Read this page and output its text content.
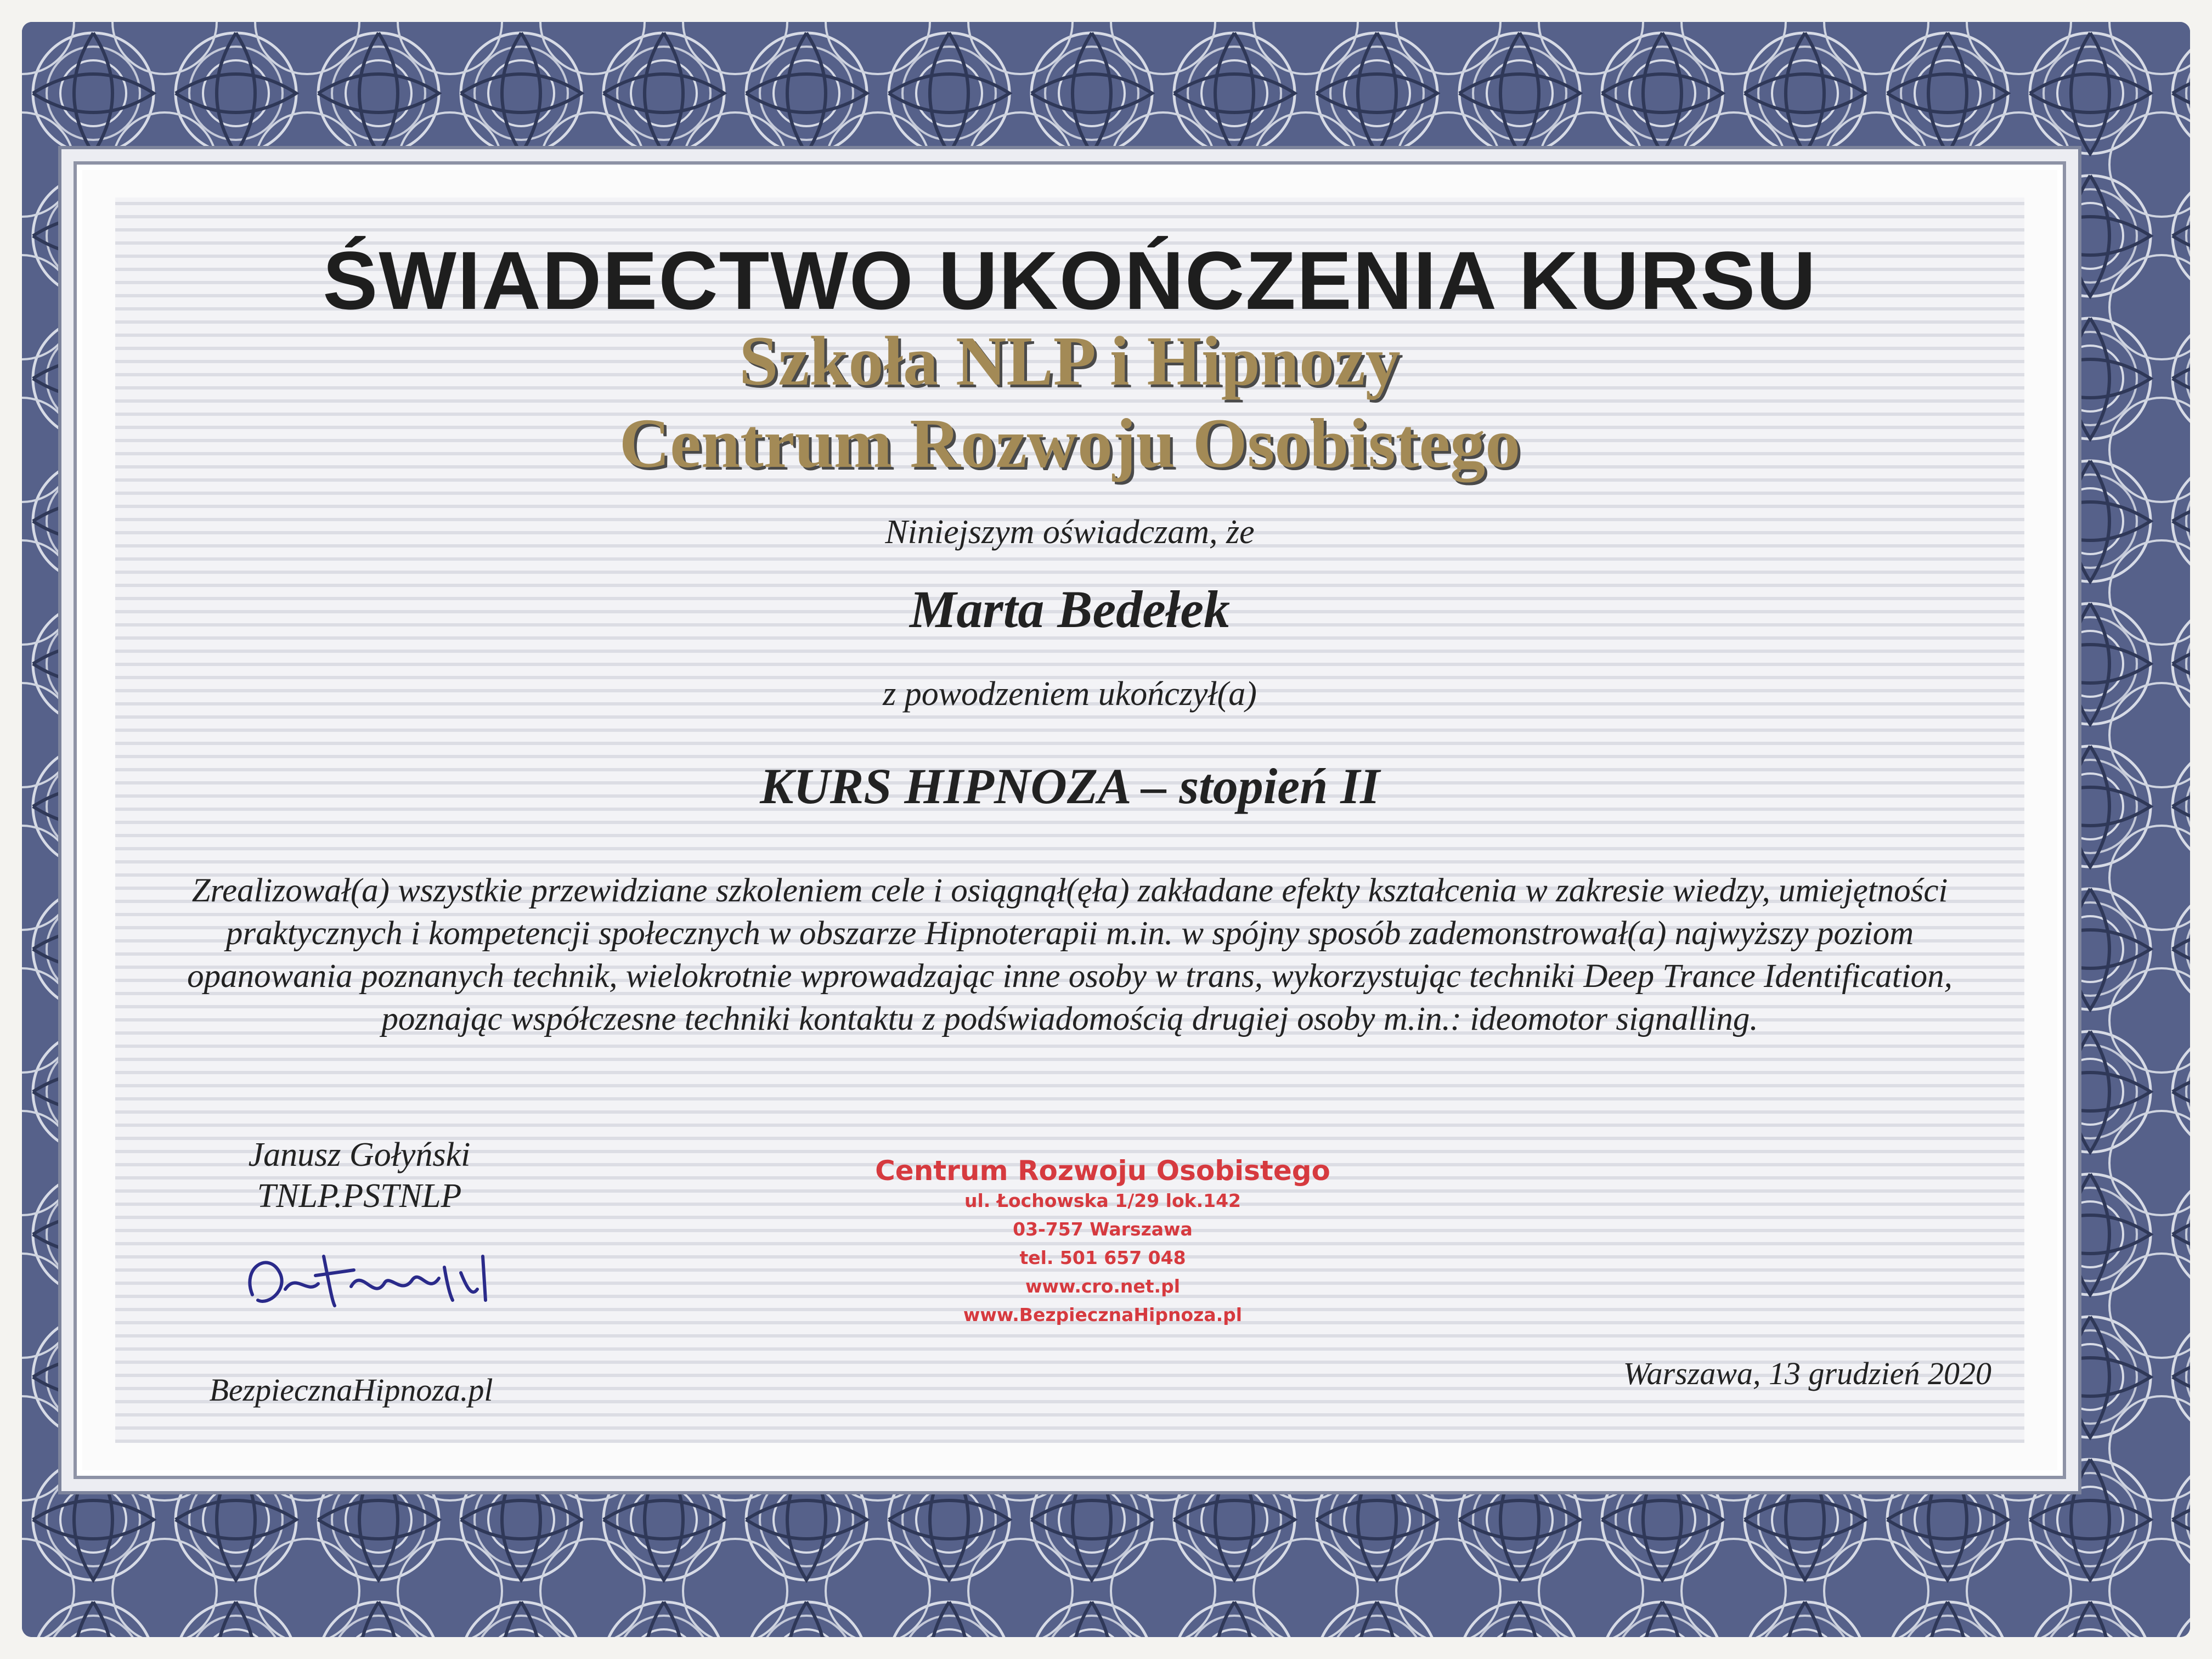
ŚWIADECTWO UKOŃCZENIA KURSU
Szkoła NLP i Hipnozy
Centrum Rozwoju Osobistego
Niniejszym oświadczam, że
Marta Bedełek
z powodzeniem ukończył(a)
KURS HIPNOZA – stopień II
Zrealizował(a) wszystkie przewidziane szkoleniem cele i osiągnął(ęła) zakładane efekty kształcenia w zakresie wiedzy, umiejętności praktycznych i kompetencji społecznych w obszarze Hipnoterapii m.in. w spójny sposób zademonstrował(a) najwyższy poziom opanowania poznanych technik, wielokrotnie wprowadzając inne osoby w trans, wykorzystując techniki Deep Trance Identification, poznając współczesne techniki kontaktu z podświadomością drugiej osoby m.in.: ideomotor signalling.
Janusz Gołyński
TNLP.PSTNLP
BezpiecznaHipnoza.pl
Centrum Rozwoju Osobistego
ul. Łochowska 1/29 lok.142
03-757 Warszawa
tel. 501 657 048
www.cro.net.pl
www.BezpiecznaHipnoza.pl
Warszawa, 13 grudzień 2020
